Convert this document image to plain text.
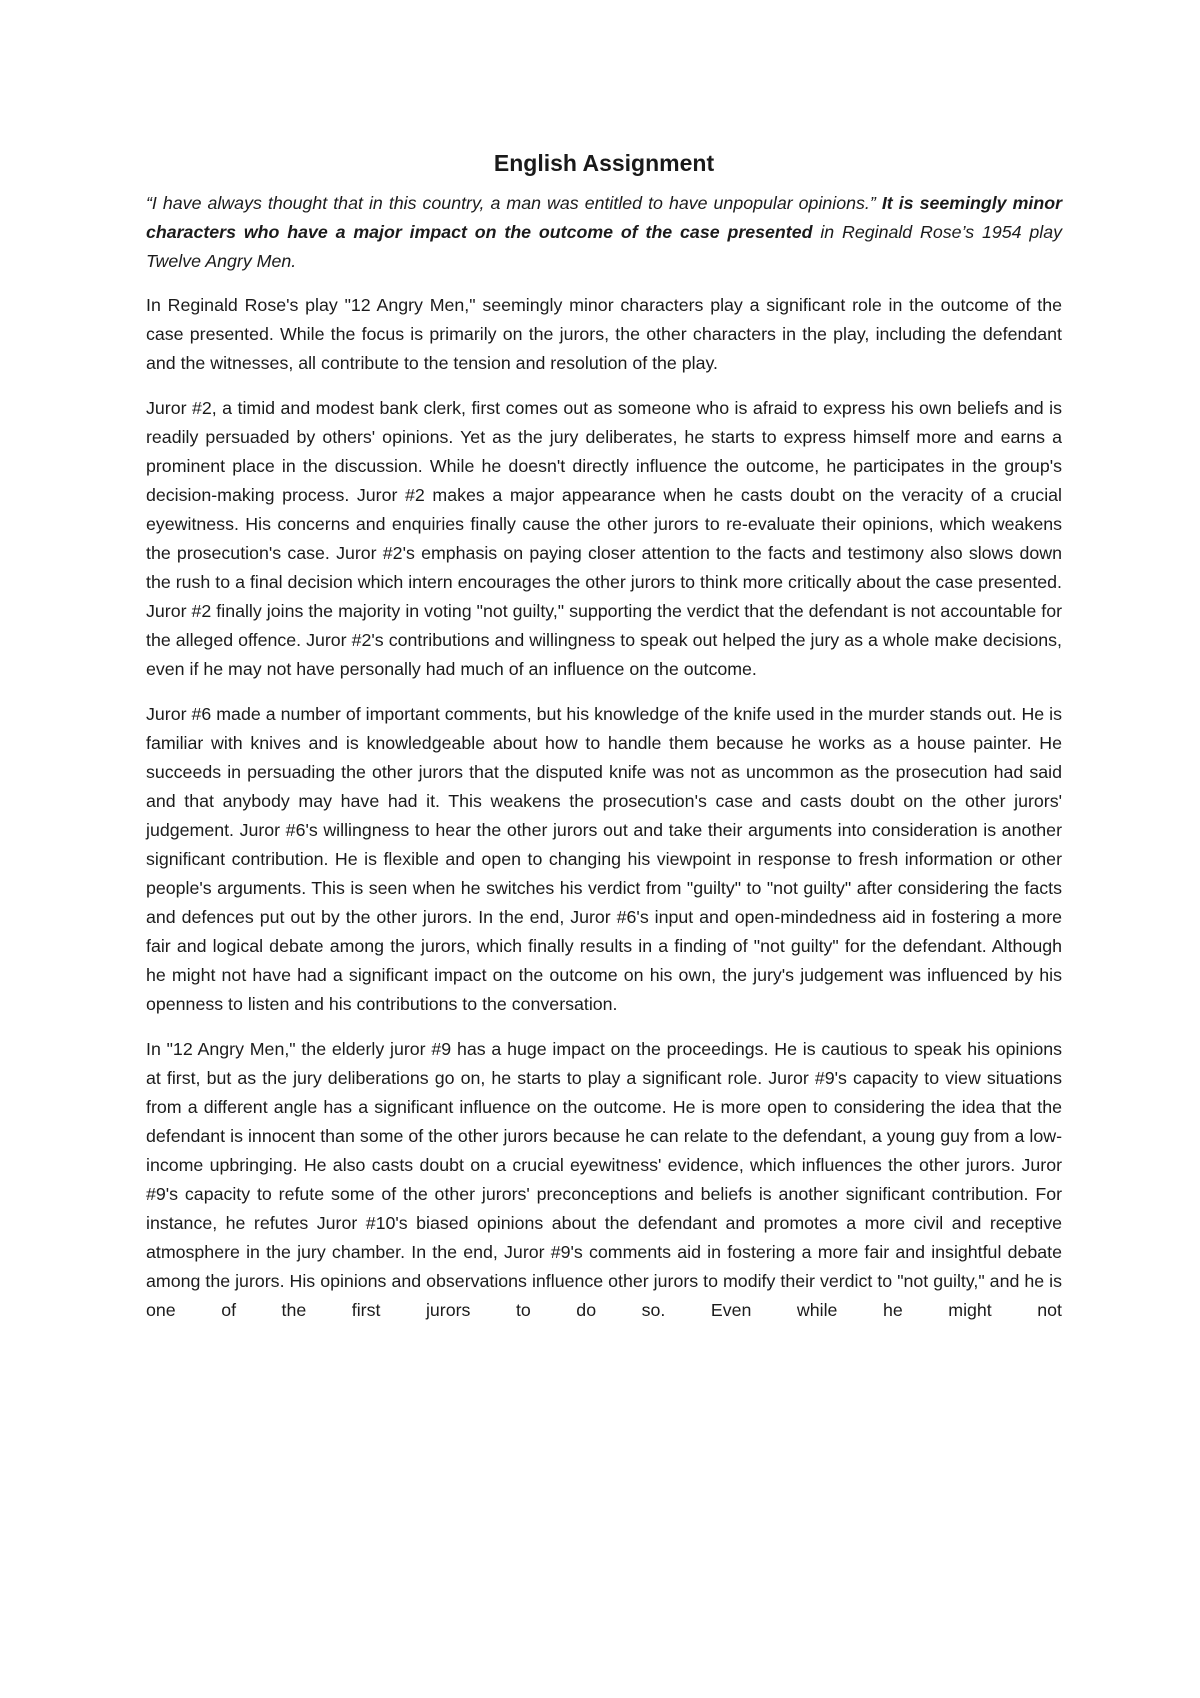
English Assignment

“I have always thought that in this country, a man was entitled to have unpopular opinions.” It is seemingly minor characters who have a major impact on the outcome of the case presented in Reginald Rose’s 1954 play Twelve Angry Men.

In Reginald Rose's play "12 Angry Men," seemingly minor characters play a significant role in the outcome of the case presented. While the focus is primarily on the jurors, the other characters in the play, including the defendant and the witnesses, all contribute to the tension and resolution of the play.

Juror #2, a timid and modest bank clerk, first comes out as someone who is afraid to express his own beliefs and is readily persuaded by others' opinions. Yet as the jury deliberates, he starts to express himself more and earns a prominent place in the discussion. While he doesn't directly influence the outcome, he participates in the group's decision-making process. Juror #2 makes a major appearance when he casts doubt on the veracity of a crucial eyewitness. His concerns and enquiries finally cause the other jurors to re-evaluate their opinions, which weakens the prosecution's case. Juror #2's emphasis on paying closer attention to the facts and testimony also slows down the rush to a final decision which intern encourages the other jurors to think more critically about the case presented. Juror #2 finally joins the majority in voting "not guilty," supporting the verdict that the defendant is not accountable for the alleged offence. Juror #2's contributions and willingness to speak out helped the jury as a whole make decisions, even if he may not have personally had much of an influence on the outcome.

Juror #6 made a number of important comments, but his knowledge of the knife used in the murder stands out. He is familiar with knives and is knowledgeable about how to handle them because he works as a house painter. He succeeds in persuading the other jurors that the disputed knife was not as uncommon as the prosecution had said and that anybody may have had it. This weakens the prosecution's case and casts doubt on the other jurors' judgement. Juror #6's willingness to hear the other jurors out and take their arguments into consideration is another significant contribution. He is flexible and open to changing his viewpoint in response to fresh information or other people's arguments. This is seen when he switches his verdict from "guilty" to "not guilty" after considering the facts and defences put out by the other jurors. In the end, Juror #6's input and open-mindedness aid in fostering a more fair and logical debate among the jurors, which finally results in a finding of "not guilty" for the defendant. Although he might not have had a significant impact on the outcome on his own, the jury's judgement was influenced by his openness to listen and his contributions to the conversation.

In "12 Angry Men," the elderly juror #9 has a huge impact on the proceedings. He is cautious to speak his opinions at first, but as the jury deliberations go on, he starts to play a significant role. Juror #9's capacity to view situations from a different angle has a significant influence on the outcome. He is more open to considering the idea that the defendant is innocent than some of the other jurors because he can relate to the defendant, a young guy from a low-income upbringing. He also casts doubt on a crucial eyewitness' evidence, which influences the other jurors. Juror #9's capacity to refute some of the other jurors' preconceptions and beliefs is another significant contribution. For instance, he refutes Juror #10's biased opinions about the defendant and promotes a more civil and receptive atmosphere in the jury chamber. In the end, Juror #9's comments aid in fostering a more fair and insightful debate among the jurors. His opinions and observations influence other jurors to modify their verdict to "not guilty," and he is one of the first jurors to do so. Even while he might not
